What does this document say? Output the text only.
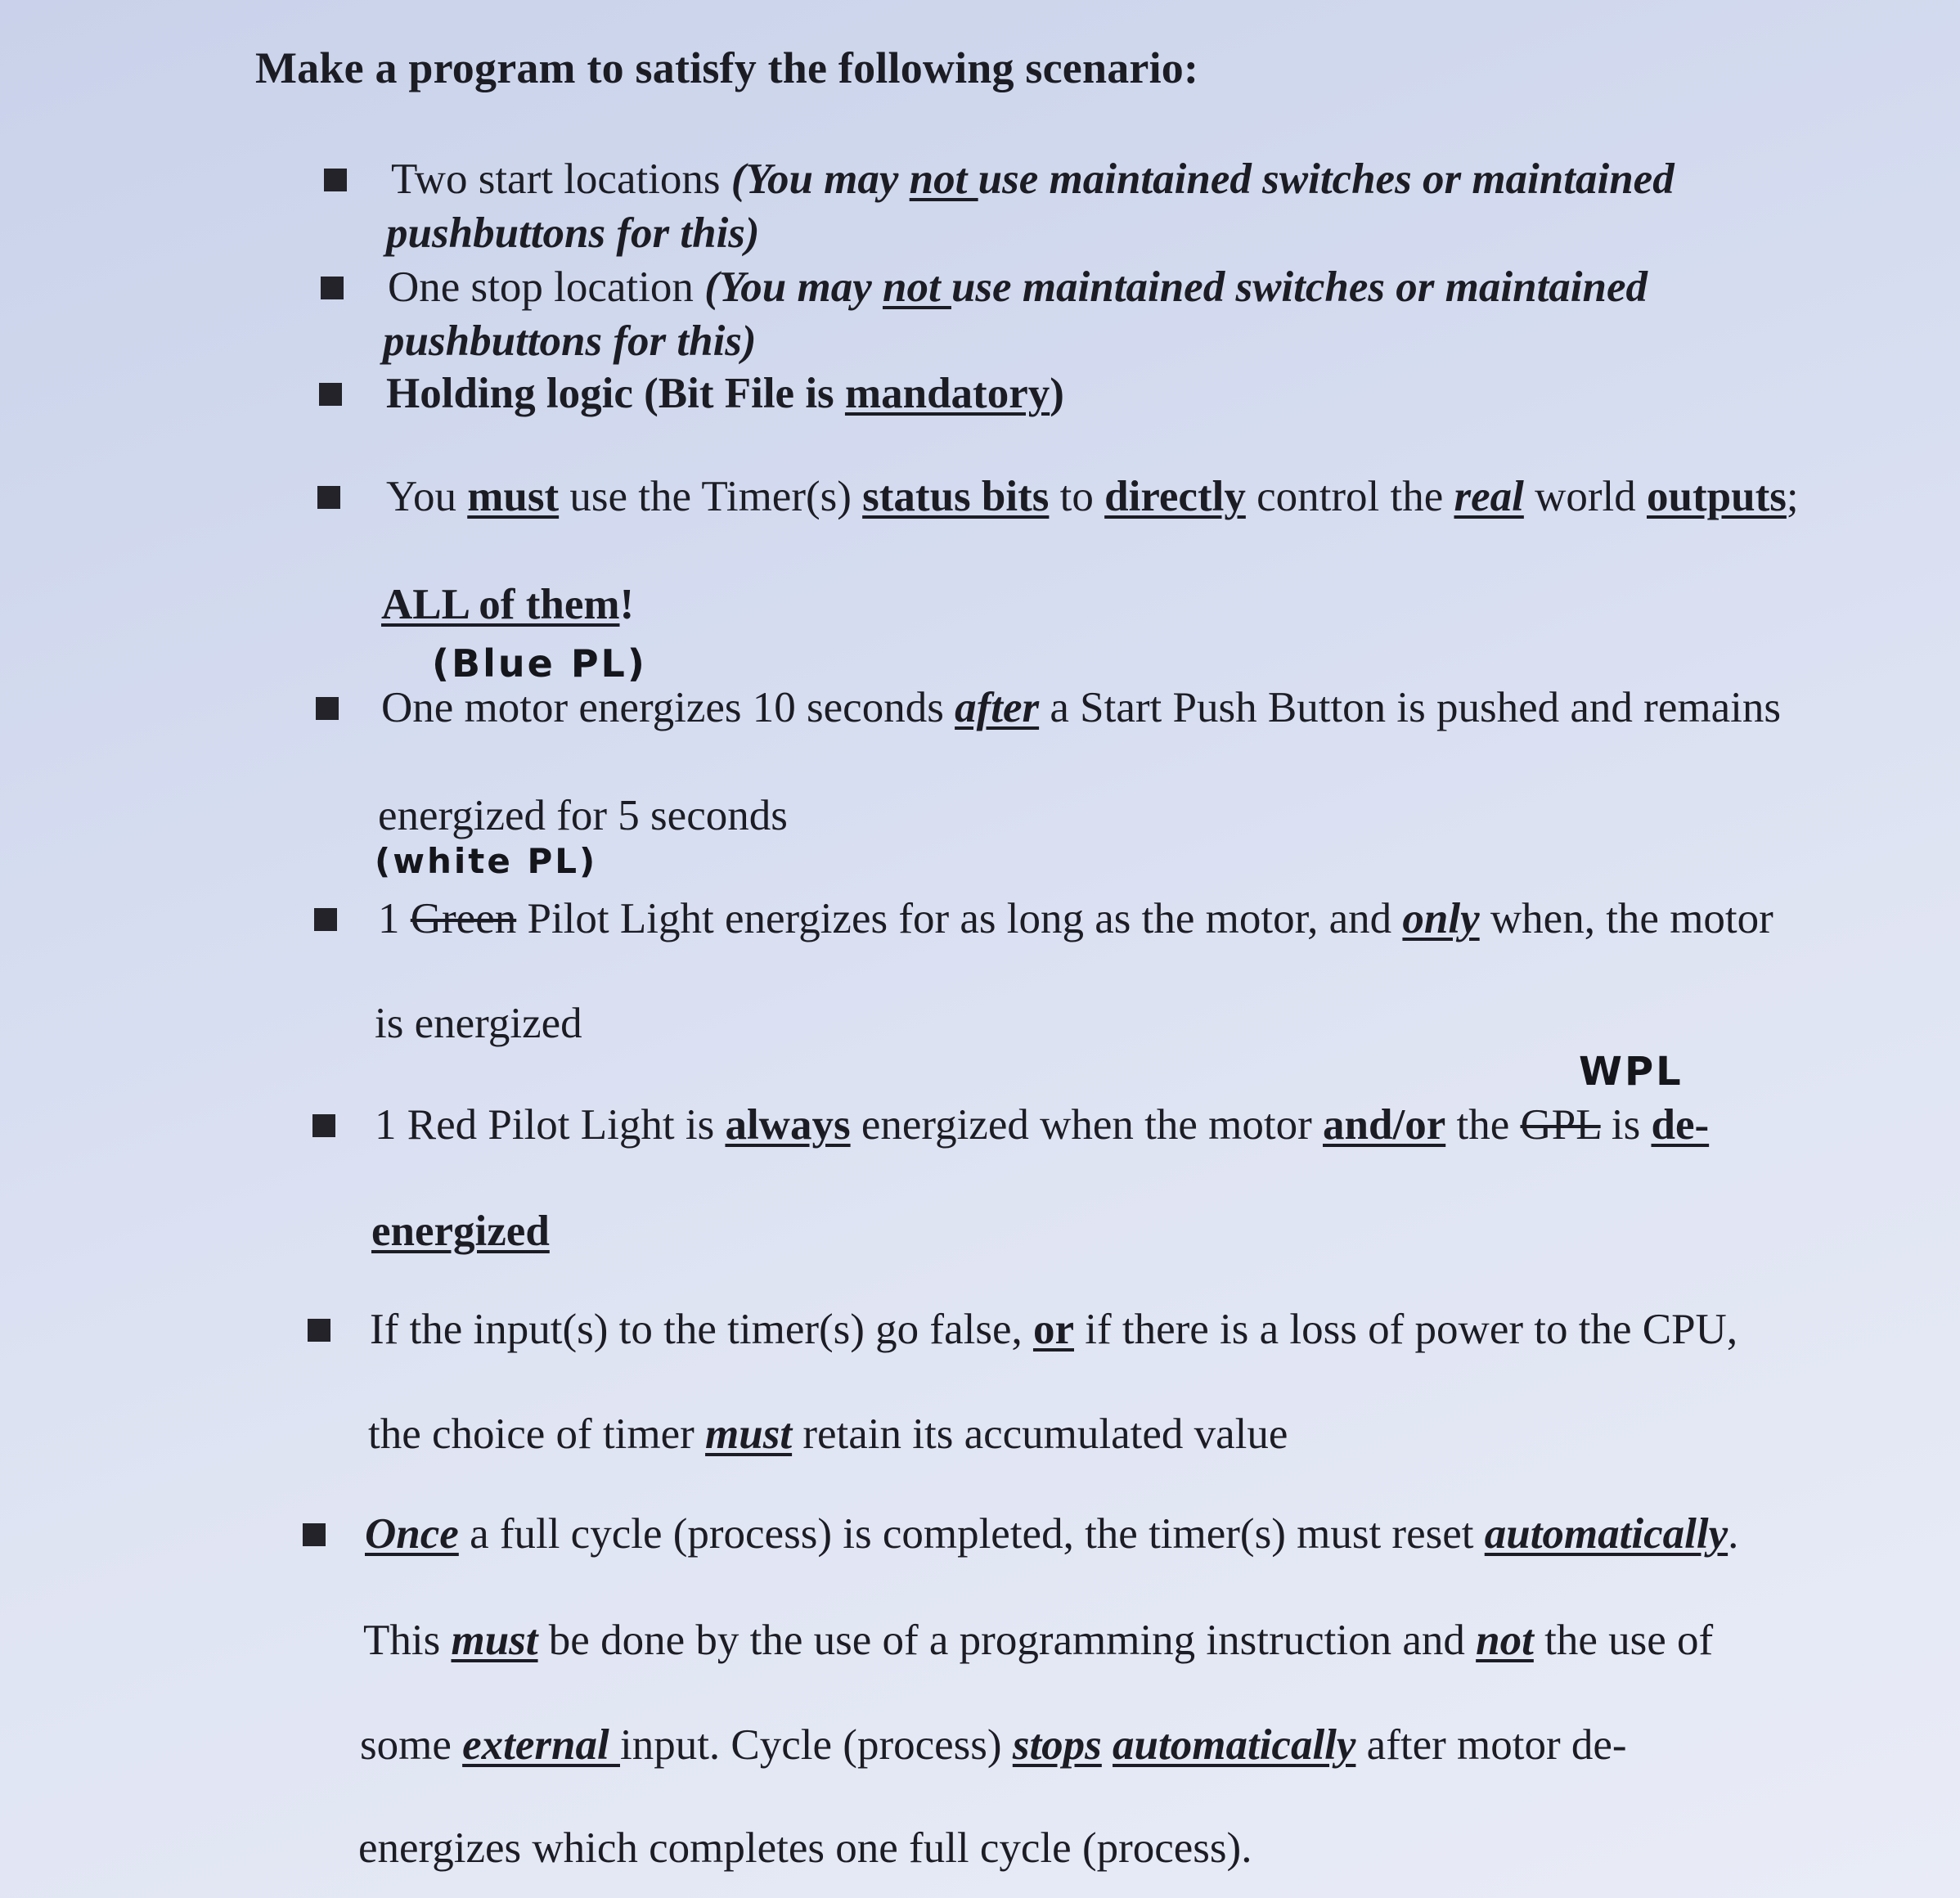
Make a program to satisfy the following scenario:
Two start locations (You may not use maintained switches or maintained
pushbuttons for this)
One stop location (You may not use maintained switches or maintained
pushbuttons for this)
Holding logic (Bit File is mandatory)
You must use the Timer(s) status bits to directly control the real world outputs;
ALL of them!
(Blue PL)
One motor energizes 10 seconds after a Start Push Button is pushed and remains
energized for 5 seconds
(white PL)
1 Green Pilot Light energizes for as long as the motor, and only when, the motor
is energized
WPL
1 Red Pilot Light is always energized when the motor and/or the GPL is de-
energized
If the input(s) to the timer(s) go false, or if there is a loss of power to the CPU,
the choice of timer must retain its accumulated value
Once a full cycle (process) is completed, the timer(s) must reset automatically.
This must be done by the use of a programming instruction and not the use of
some external input. Cycle (process) stops automatically after motor de-
energizes which completes one full cycle (process).
